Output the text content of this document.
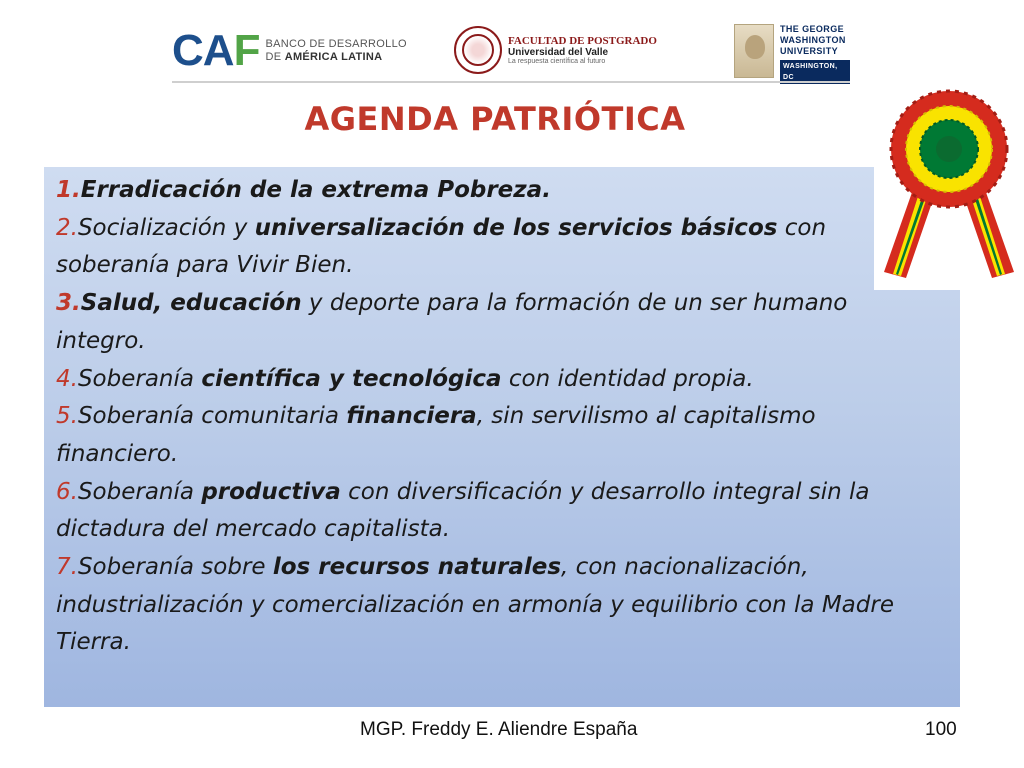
C A F BANCO DE DESARROLLO
DE AMÉRICA LATINA
FACULTAD DE POSTGRADO
Universidad del Valle
La respuesta científica al futuro
THE GEORGE
WASHINGTON
UNIVERSITY
WASHINGTON, DC
AGENDA PATRIÓTICA

1.Erradicación de la extrema Pobreza.

2.Socialización y universalización de los servicios básicos con soberanía para Vivir Bien.

3.Salud, educación y deporte para la formación de un ser humano integro.

4.Soberanía científica y tecnológica con identidad propia.

5.Soberanía comunitaria financiera, sin servilismo al capitalismo financiero.

6.Soberanía productiva con diversificación y desarrollo integral sin la dictadura del mercado capitalista.

7.Soberanía sobre los recursos naturales, con nacionalización, industrialización y comercialización en armonía y equilibrio con la Madre Tierra.

MGP. Freddy E. Aliendre España	100
